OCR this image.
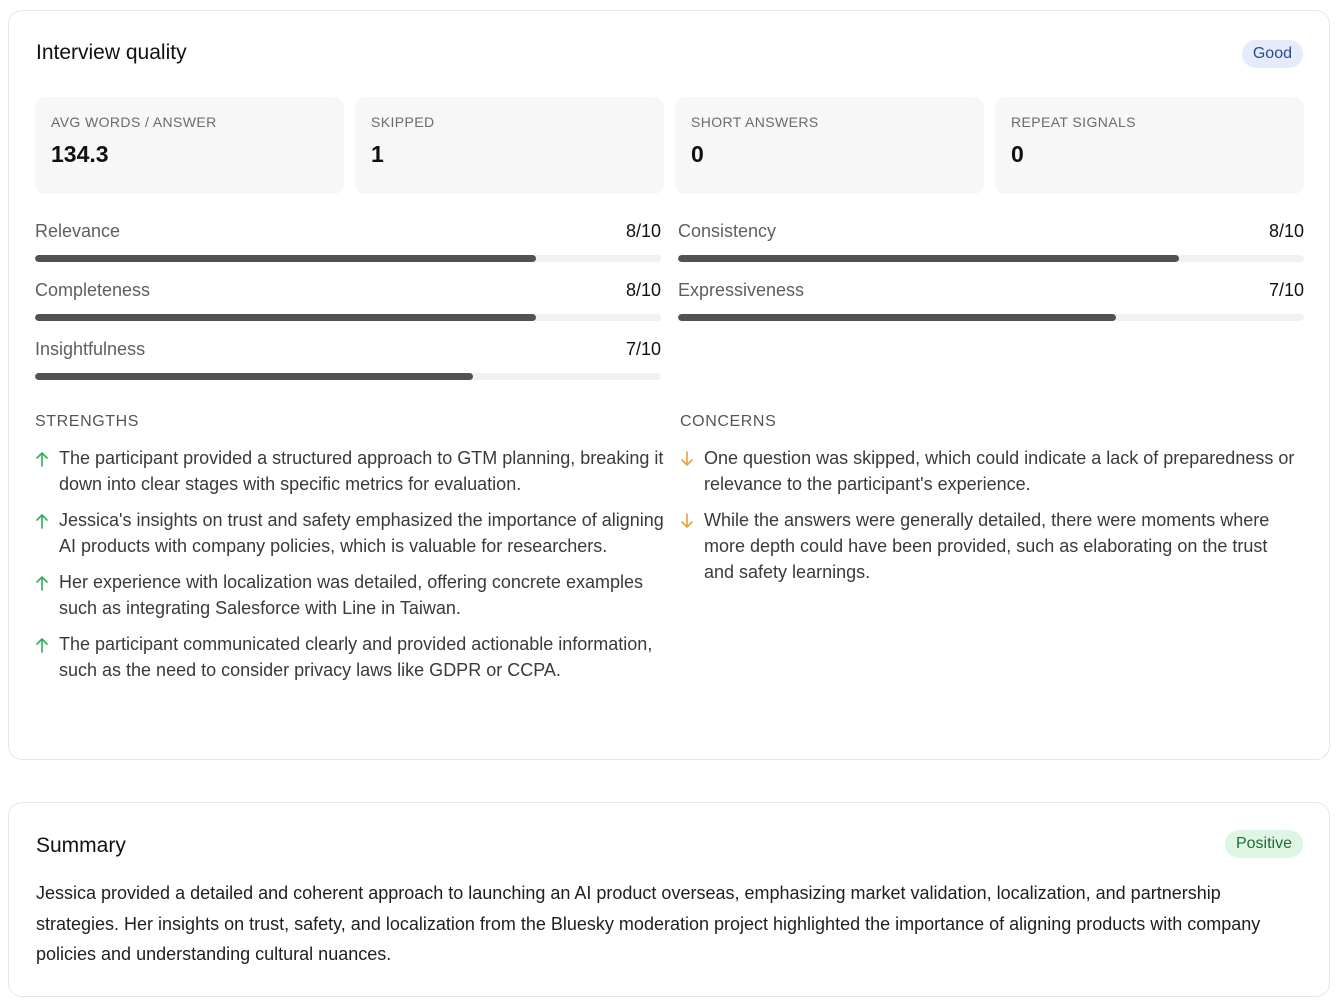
Interview quality	Good
AVG WORDS / ANSWER
134.3
SKIPPED
1
SHORT ANSWERS
0
REPEAT SIGNALS
0
Relevance	8/10 Consistency	8/10
Completeness	8/10 Expressiveness	7/10
Insightfulness	7/10
STRENGTHS	CONCERNS
The participant provided a structured approach to GTM planning, breaking it down into clear stages with specific metrics for evaluation.
Jessica's insights on trust and safety emphasized the importance of aligning AI products with company policies, which is valuable for researchers.
Her experience with localization was detailed, offering concrete examples such as integrating Salesforce with Line in Taiwan.
The participant communicated clearly and provided actionable information, such as the need to consider privacy laws like GDPR or CCPA.
One question was skipped, which could indicate a lack of preparedness or relevance to the participant's experience.
While the answers were generally detailed, there were moments where more depth could have been provided, such as elaborating on the trust and safety learnings.
Summary	Positive

Jessica provided a detailed and coherent approach to launching an AI product overseas, emphasizing market validation, localization, and partnership strategies. Her insights on trust, safety, and localization from the Bluesky moderation project highlighted the importance of aligning products with company policies and understanding cultural nuances.
